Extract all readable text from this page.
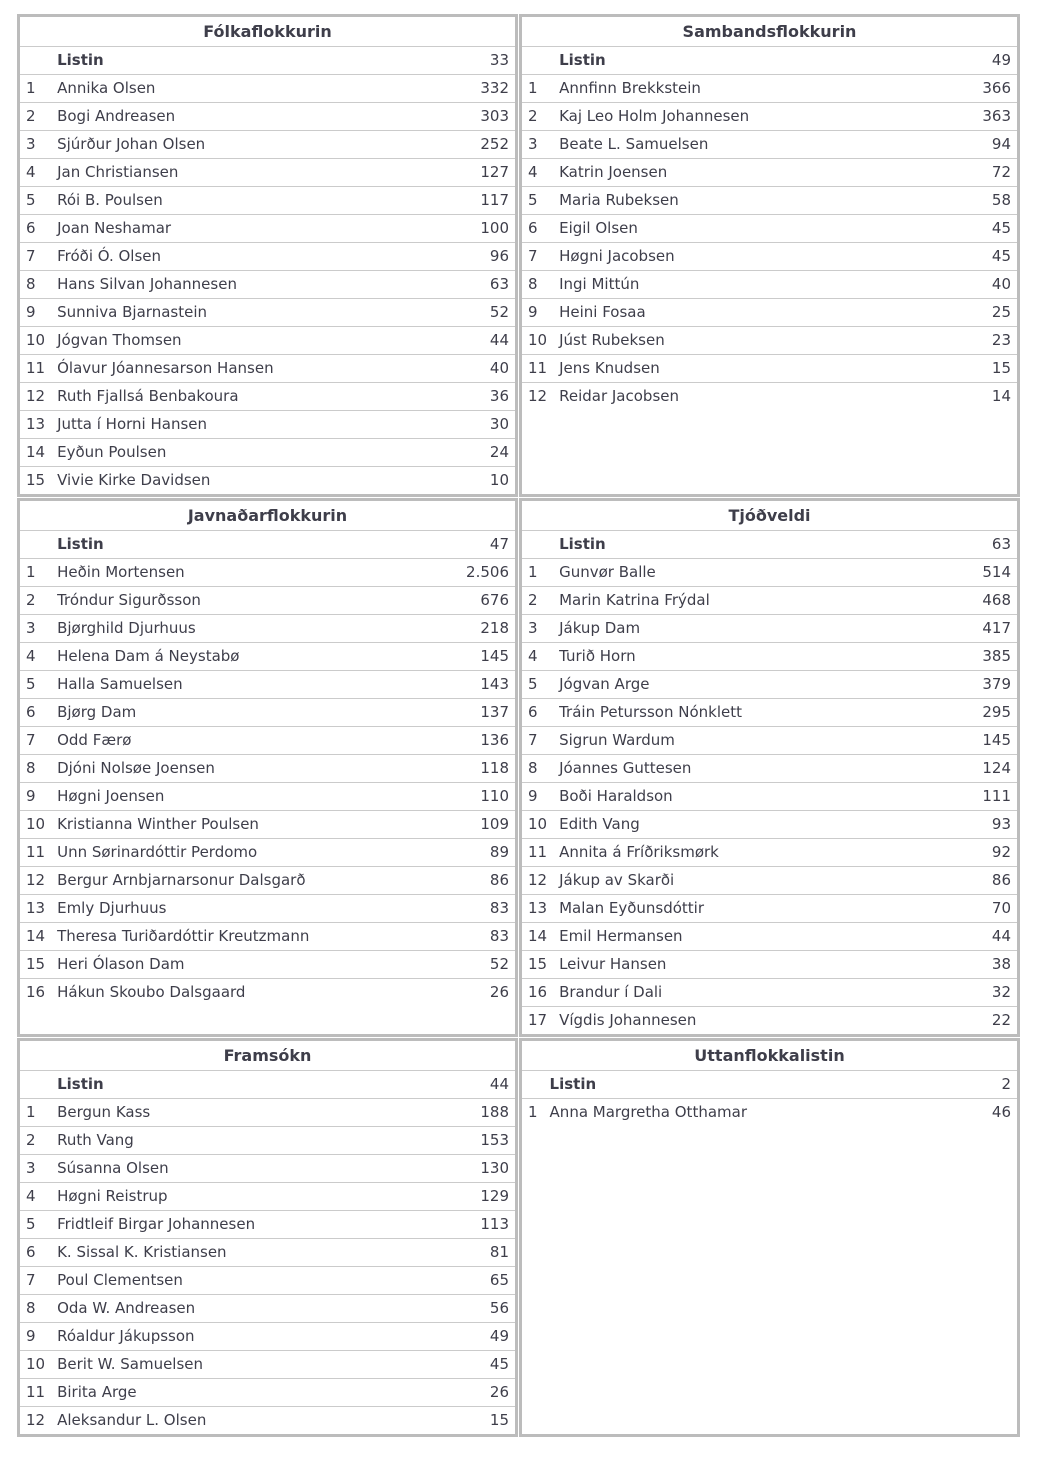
Fólkaflokkurin		
	Listin	33
1	Annika Olsen	332
2	Bogi Andreasen	303
3	Sjúrður Johan Olsen	252
4	Jan Christiansen	127
5	Rói B. Poulsen	117
6	Joan Neshamar	100
7	Fróði Ó. Olsen	96
8	Hans Silvan Johannesen	63
9	Sunniva Bjarnastein	52
10	Jógvan Thomsen	44
11	Ólavur Jóannesarson Hansen	40
12	Ruth Fjallsá Benbakoura	36
13	Jutta í Horni Hansen	30
14	Eyðun Poulsen	24
15	Vivie Kirke Davidsen	10
Sambandsflokkurin		
	Listin	49
1	Annfinn Brekkstein	366
2	Kaj Leo Holm Johannesen	363
3	Beate L. Samuelsen	94
4	Katrin Joensen	72
5	Maria Rubeksen	58
6	Eigil Olsen	45
7	Høgni Jacobsen	45
8	Ingi Mittún	40
9	Heini Fosaa	25
10	Júst Rubeksen	23
11	Jens Knudsen	15
12	Reidar Jacobsen	14
Javnaðarflokkurin		
	Listin	47
1	Heðin Mortensen	2.506
2	Tróndur Sigurðsson	676
3	Bjørghild Djurhuus	218
4	Helena Dam á Neystabø	145
5	Halla Samuelsen	143
6	Bjørg Dam	137
7	Odd Færø	136
8	Djóni Nolsøe Joensen	118
9	Høgni Joensen	110
10	Kristianna Winther Poulsen	109
11	Unn Sørinardóttir Perdomo	89
12	Bergur Arnbjarnarsonur Dalsgarð	86
13	Emly Djurhuus	83
14	Theresa Turiðardóttir Kreutzmann	83
15	Heri Ólason Dam	52
16	Hákun Skoubo Dalsgaard	26
Tjóðveldi		
	Listin	63
1	Gunvør Balle	514
2	Marin Katrina Frýdal	468
3	Jákup Dam	417
4	Turið Horn	385
5	Jógvan Arge	379
6	Tráin Petursson Nónklett	295
7	Sigrun Wardum	145
8	Jóannes Guttesen	124
9	Boði Haraldson	111
10	Edith Vang	93
11	Annita á Fríðriksmørk	92
12	Jákup av Skarði	86
13	Malan Eyðunsdóttir	70
14	Emil Hermansen	44
15	Leivur Hansen	38
16	Brandur í Dali	32
17	Vígdis Johannesen	22
Framsókn		
	Listin	44
1	Bergun Kass	188
2	Ruth Vang	153
3	Súsanna Olsen	130
4	Høgni Reistrup	129
5	Fridtleif Birgar Johannesen	113
6	K. Sissal K. Kristiansen	81
7	Poul Clementsen	65
8	Oda W. Andreasen	56
9	Róaldur Jákupsson	49
10	Berit W. Samuelsen	45
11	Birita Arge	26
12	Aleksandur L. Olsen	15
Uttanflokkalistin		
	Listin	2
1	Anna Margretha Otthamar	46
